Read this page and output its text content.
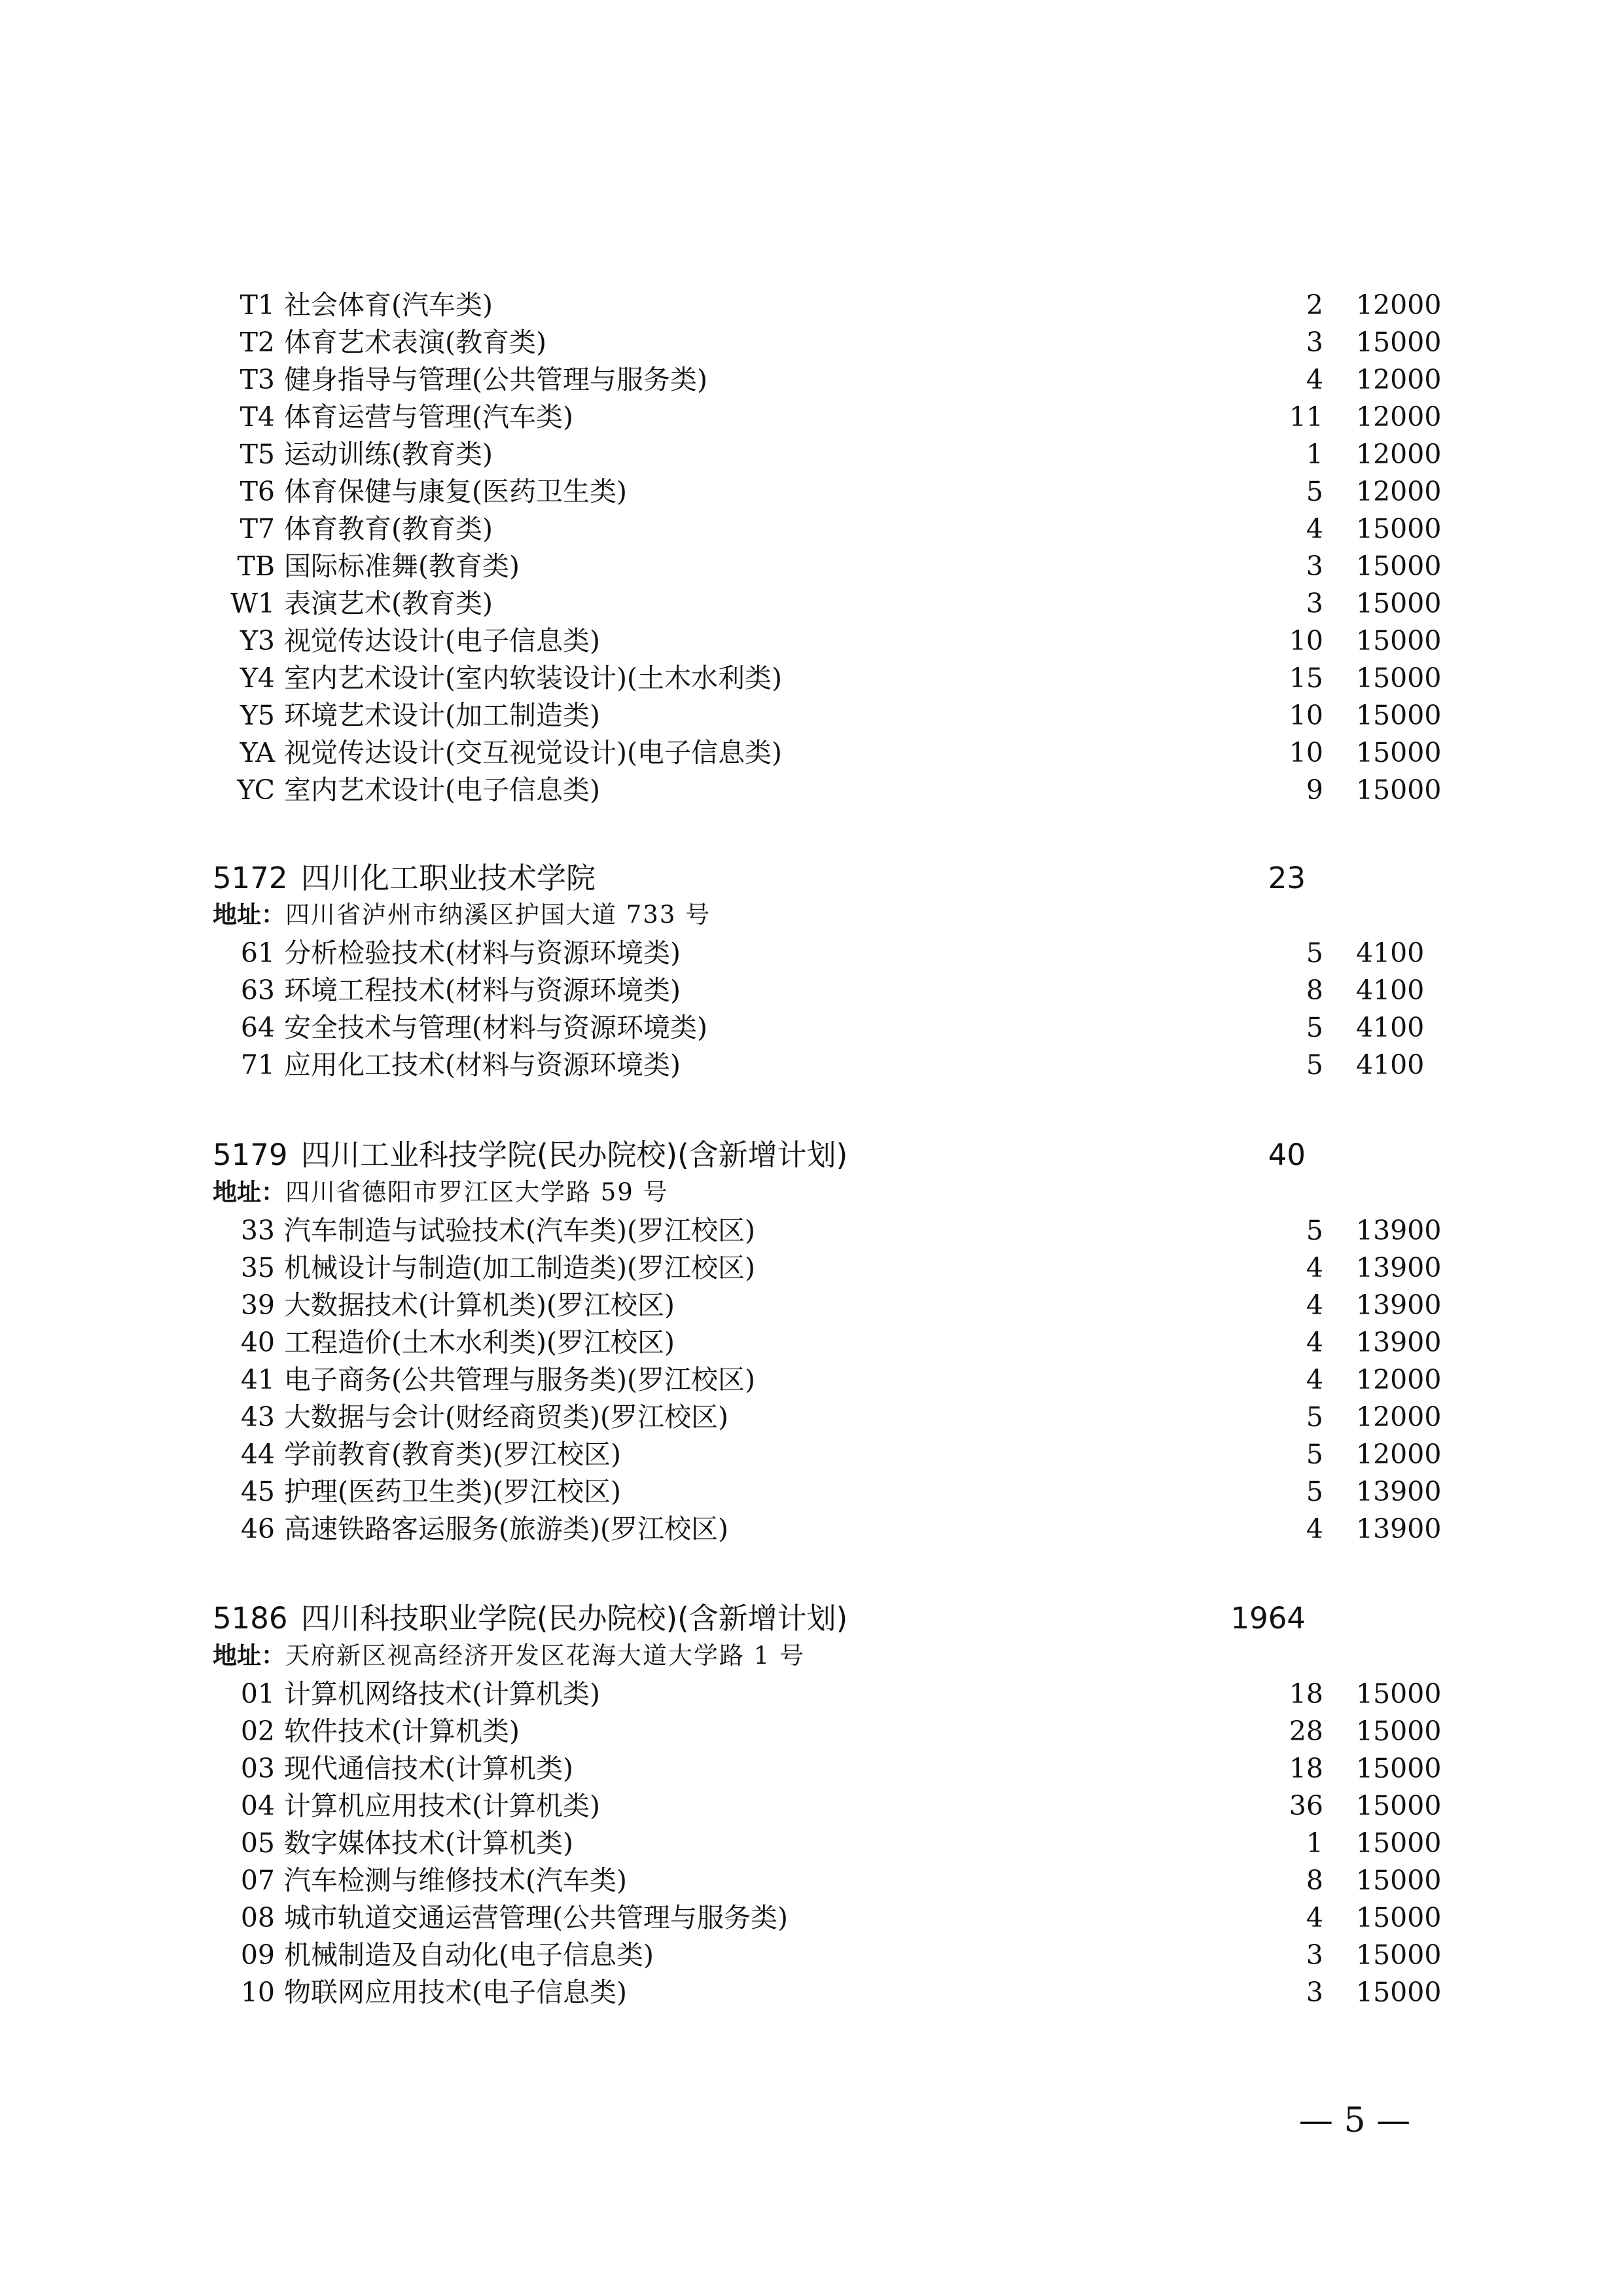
T1 社会体育(汽车类)	2 12000
T2 体育艺术表演(教育类)	3 15000
T3 健身指导与管理(公共管理与服务类)	4 12000
T4 体育运营与管理(汽车类)	11 12000
T5 运动训练(教育类)	1 12000
T6 体育保健与康复(医药卫生类)	5 12000
T7 体育教育(教育类)	4 15000
TB 国际标准舞(教育类)	3 15000
W1 表演艺术(教育类)	3 15000
Y3 视觉传达设计(电子信息类)	10 15000
Y4 室内艺术设计(室内软装设计)(土木水利类)	15 15000
Y5 环境艺术设计(加工制造类)	10 15000
YA 视觉传达设计(交互视觉设计)(电子信息类)	10 15000
YC 室内艺术设计(电子信息类)	9 15000
5172 四川化工职业技术学院	23
地址：四川省泸州市纳溪区护国大道 733 号
61 分析检验技术(材料与资源环境类)	5 4100
63 环境工程技术(材料与资源环境类)	8 4100
64 安全技术与管理(材料与资源环境类)	5 4100
71 应用化工技术(材料与资源环境类)	5 4100
5179 四川工业科技学院(民办院校)(含新增计划)	40
地址：四川省德阳市罗江区大学路 59 号
33 汽车制造与试验技术(汽车类)(罗江校区)	5 13900
35 机械设计与制造(加工制造类)(罗江校区)	4 13900
39 大数据技术(计算机类)(罗江校区)	4 13900
40 工程造价(土木水利类)(罗江校区)	4 13900
41 电子商务(公共管理与服务类)(罗江校区)	4 12000
43 大数据与会计(财经商贸类)(罗江校区)	5 12000
44 学前教育(教育类)(罗江校区)	5 12000
45 护理(医药卫生类)(罗江校区)	5 13900
46 高速铁路客运服务(旅游类)(罗江校区)	4 13900
5186 四川科技职业学院(民办院校)(含新增计划)	1964
地址：天府新区视高经济开发区花海大道大学路 1 号
01 计算机网络技术(计算机类)	18 15000
02 软件技术(计算机类)	28 15000
03 现代通信技术(计算机类)	18 15000
04 计算机应用技术(计算机类)	36 15000
05 数字媒体技术(计算机类)	1 15000
07 汽车检测与维修技术(汽车类)	8 15000
08 城市轨道交通运营管理(公共管理与服务类)	4 15000
09 机械制造及自动化(电子信息类)	3 15000
10 物联网应用技术(电子信息类)	3 15000
— 5 —
